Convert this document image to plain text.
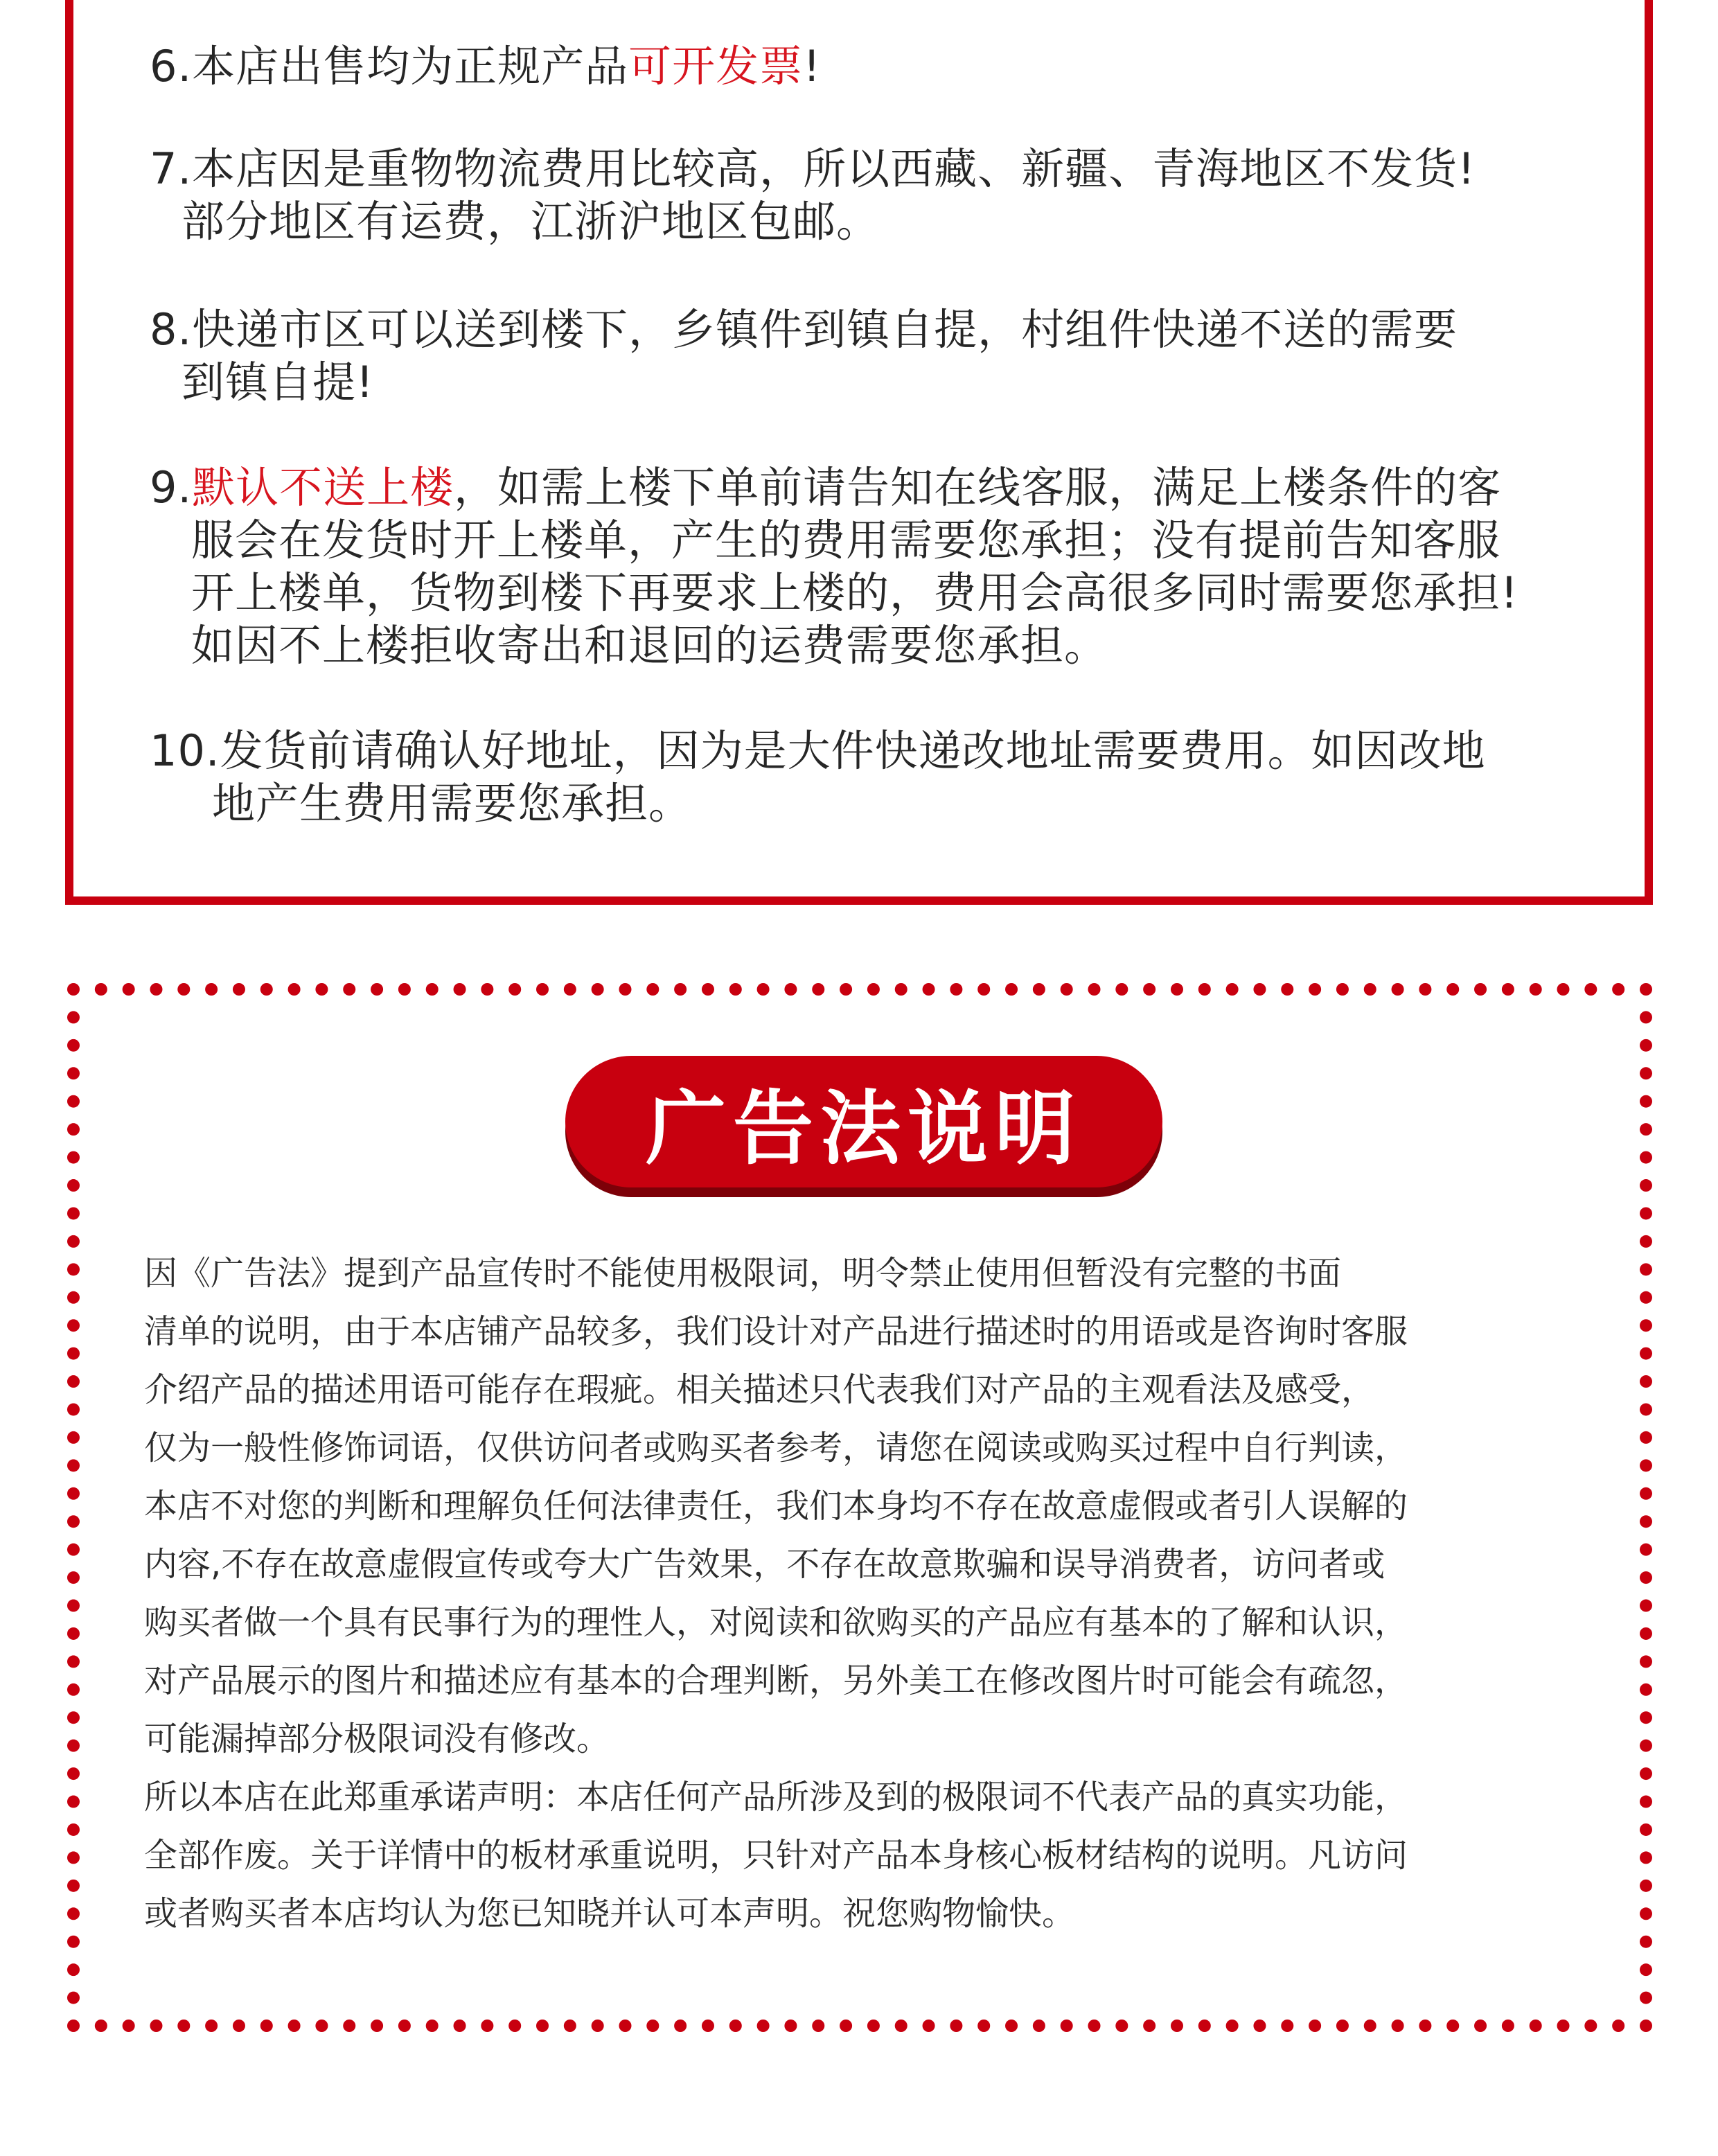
6.本店出售均为正规产品可开发票!
7.本店因是重物物流费用比较高，所以西藏、新疆、青海地区不发货!
部分地区有运费，江浙沪地区包邮。
8.快递市区可以送到楼下，乡镇件到镇自提，村组件快递不送的需要
到镇自提!
9.默认不送上楼，如需上楼下单前请告知在线客服，满足上楼条件的客
服会在发货时开上楼单，产生的费用需要您承担；没有提前告知客服
开上楼单，货物到楼下再要求上楼的，费用会高很多同时需要您承担!
如因不上楼拒收寄出和退回的运费需要您承担。
10.发货前请确认好地址，因为是大件快递改地址需要费用。如因改地
地产生费用需要您承担。
广告法说明
因《广告法》提到产品宣传时不能使用极限词，明令禁止使用但暂没有完整的书面
清单的说明，由于本店铺产品较多，我们设计对产品进行描述时的用语或是咨询时客服
介绍产品的描述用语可能存在瑕疵。相关描述只代表我们对产品的主观看法及感受，
仅为一般性修饰词语，仅供访问者或购买者参考，请您在阅读或购买过程中自行判读，
本店不对您的判断和理解负任何法律责任，我们本身均不存在故意虚假或者引人误解的
内容,不存在故意虚假宣传或夸大广告效果，不存在故意欺骗和误导消费者，访问者或
购买者做一个具有民事行为的理性人，对阅读和欲购买的产品应有基本的了解和认识，
对产品展示的图片和描述应有基本的合理判断，另外美工在修改图片时可能会有疏忽，
可能漏掉部分极限词没有修改。
所以本店在此郑重承诺声明：本店任何产品所涉及到的极限词不代表产品的真实功能，
全部作废。关于详情中的板材承重说明，只针对产品本身核心板材结构的说明。凡访问
或者购买者本店均认为您已知晓并认可本声明。祝您购物愉快。
